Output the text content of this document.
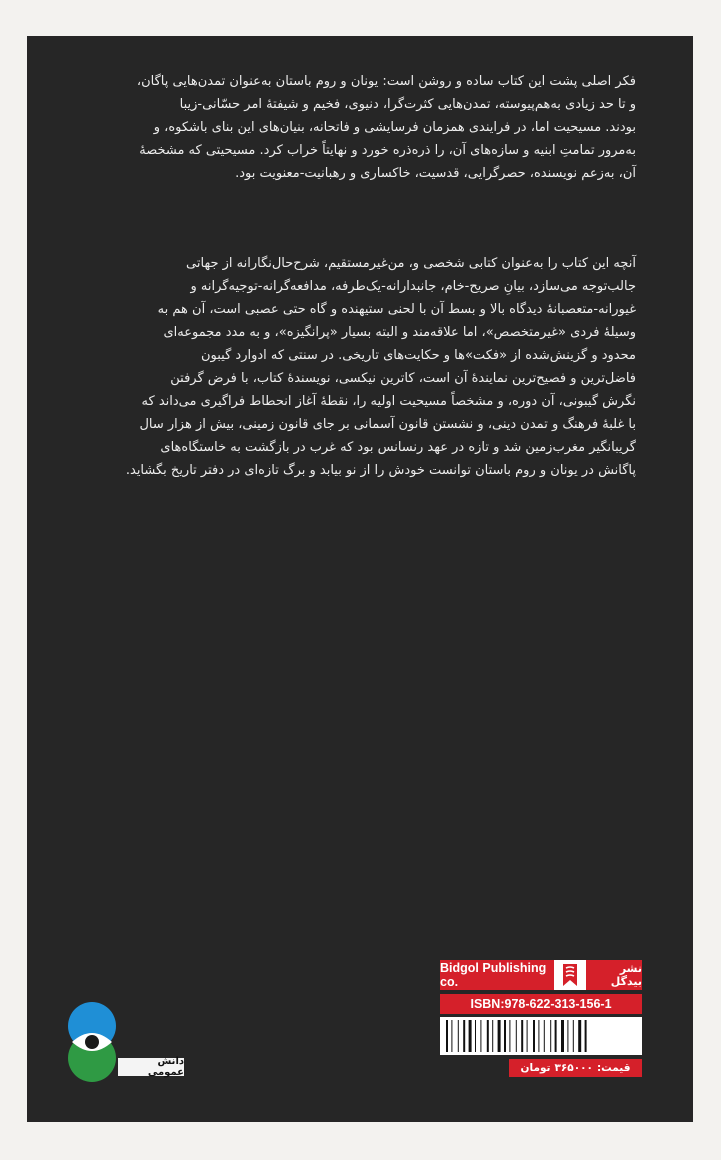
فکر اصلی پشت این کتاب ساده و روشن است: یونان و روم باستان به‌عنوان تمدن‌هایی پاگان،
و تا حد زیادی به‌هم‌پیوسته، تمدن‌هایی کثرت‌گرا، دنیوی، فخیم و شیفتهٔ امر حسّانی-زیبا
بودند. مسیحیت اما، در فرایندی همزمان فرسایشی و فاتحانه، بنیان‌های این بنای باشکوه، و
به‌مرور تمامتِ ابنیه و سازه‌های آن، را ذره‌ذره خورد و نهایتاً خراب کرد. مسیحیتی که مشخصهٔ
آن، به‌زعم نویسنده، حصرگرایی، قدسیت، خاکساری و رهبانیت-معنویت بود.
آنچه این کتاب را به‌عنوان کتابی شخصی و، من‌غیرمستقیم، شرح‌حال‌نگارانه از جهاتی
جالب‌توجه می‌سازد، بیانِ صریح-خام، جانبدارانه-یک‌طرفه، مدافعه‌گرانه-توجیه‌گرانه و
غیورانه-متعصبانهٔ دیدگاه بالا و بسط آن با لحنی ستیهنده و گاه حتی عصبی است، آن هم به
وسیلهٔ فردی «غیرمتخصص»، اما علاقه‌مند و البته بسیار «پرانگیزه»، و به مدد مجموعه‌ای
محدود و گزینش‌شده از «فکت»ها و حکایت‌های تاریخی. در سنتی که ادوارد گیبون
فاضل‌ترین و فصیح‌ترین نمایندهٔ آن است، کاترین نیکسی، نویسندهٔ کتاب، با فرض گرفتن
نگرش گیبونی، آن دوره، و مشخصاً مسیحیت اولیه را، نقطهٔ آغاز انحطاط فراگیری می‌داند که
با غلبهٔ فرهنگ و تمدن دینی، و نشستن قانون آسمانی بر جای قانون زمینی، بیش از هزار سال
گریبانگیر مغرب‌زمین شد و تازه در عهد رنسانس بود که غرب در بازگشت به خاستگاه‌های
پاگانش در یونان و روم باستان توانست خودش را از نو بیابد و برگ تازه‌ای در دفتر تاریخ بگشاید.
Bidgol Publishing co.
نشر بیدگل
ISBN:978-622-313-156-1
قیمت:
۳۶۵۰۰۰
تومان
دانش عمومی
